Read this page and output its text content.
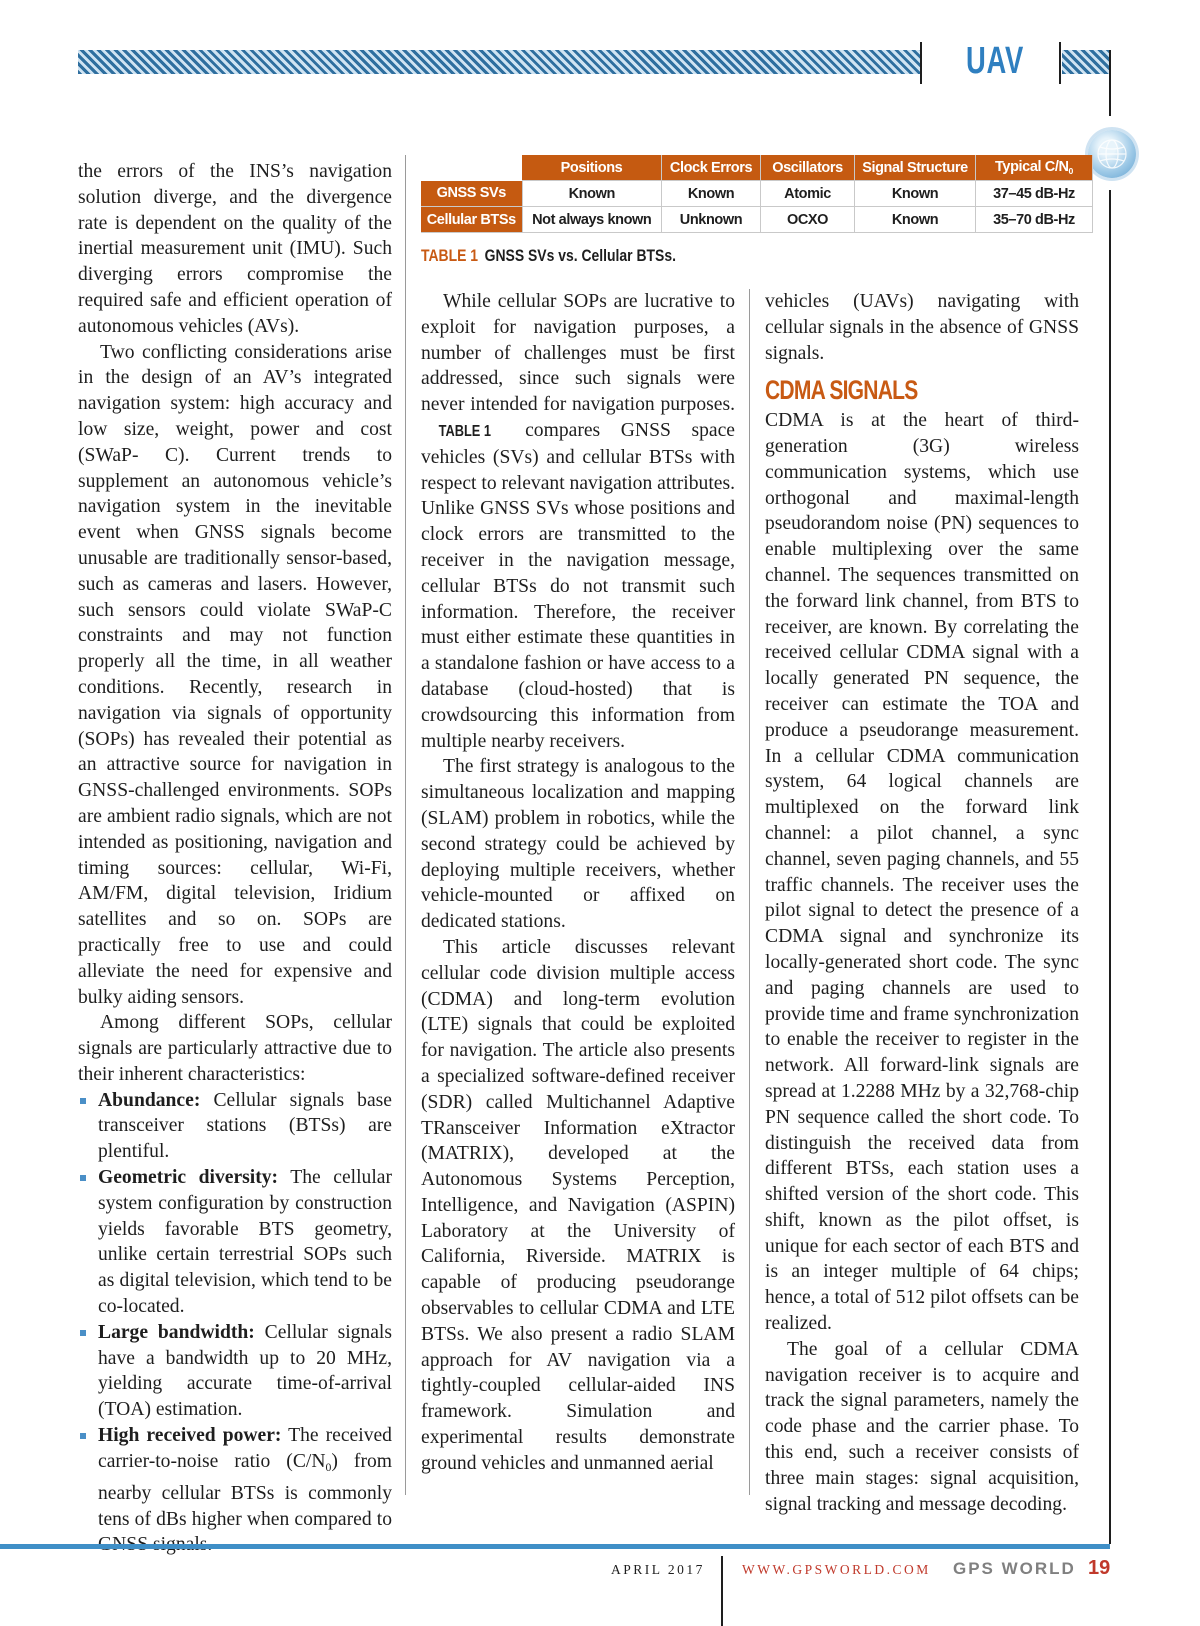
UAV
	Positions	Clock Errors	Oscillators	Signal Structure	Typical $C/N_0$
GNSS SVs	Known	Known	Atomic	Known	37–45 dB-Hz
Cellular BTSs	Not always known	Unknown	OCXO	Known	35–70 dB-Hz
TABLE 1 GNSS SVs vs. Cellular BTSs.

the errors of the INS’s navigation solution diverge, and the divergence rate is dependent on the quality of the inertial measurement unit (IMU). Such diverging errors compromise the required safe and efficient operation of autonomous vehicles (AVs).

Two conflicting considerations arise in the design of an AV’s integrated navigation system: high accuracy and low size, weight, power and cost (SWaP- C). Current trends to supplement an autonomous vehicle’s navigation system in the inevitable event when GNSS signals become unusable are traditionally sensor-based, such as cameras and lasers. However, such sensors could violate SWaP-C constraints and may not function properly all the time, in all weather conditions. Recently, research in navigation via signals of opportunity (SOPs) has revealed their potential as an attractive source for navigation in GNSS-challenged environments. SOPs are ambient radio signals, which are not intended as positioning, navigation and timing sources: cellular, Wi-Fi, AM/FM, digital television, Iridium satellites and so on. SOPs are practically free to use and could alleviate the need for expensive and bulky aiding sensors.

Among different SOPs, cellular signals are particularly attractive due to their inherent characteristics:

Abundance: Cellular signals base transceiver stations (BTSs) are plentiful.
Geometric diversity: The cellular system configuration by construction yields favorable BTS geometry, unlike certain terrestrial SOPs such as digital television, which tend to be co-located.
Large bandwidth: Cellular signals have a bandwidth up to 20 MHz, yielding accurate time-of-arrival (TOA) estimation.
High received power: The received carrier-to-noise ratio $(C/N_0)$ from nearby cellular BTSs is commonly tens of dBs higher when compared to

While cellular SOPs are lucrative to exploit for navigation purposes, a number of challenges must be first addressed, since such signals were never intended for navigation purposes. TABLE 1 compares GNSS space vehicles (SVs) and cellular BTSs with respect to relevant navigation attributes. Unlike GNSS SVs whose positions and clock errors are transmitted to the receiver in the navigation message, cellular BTSs do not transmit such information. Therefore, the receiver must either estimate these quantities in a standalone fashion or have access to a database (cloud-hosted) that is crowdsourcing this information from multiple nearby receivers.

The first strategy is analogous to the simultaneous localization and mapping (SLAM) problem in robotics, while the second strategy could be achieved by deploying multiple receivers, whether vehicle-mounted or affixed on dedicated stations.

This article discusses relevant cellular code division multiple access (CDMA) and long-term evolution (LTE) signals that could be exploited for navigation. The article also presents a specialized software-defined receiver (SDR) called Multichannel Adaptive TRansceiver Information eXtractor (MATRIX), developed at the Autonomous Systems Perception, Intelligence, and Navigation (ASPIN) Laboratory at the University of California, Riverside. MATRIX is capable of producing pseudorange observables to cellular CDMA and LTE BTSs. We also present a radio SLAM approach for AV navigation via a tightly-coupled cellular-aided INS framework. Simulation and experimental results demonstrate ground vehicles and unmanned aerial

vehicles (UAVs) navigating with cellular signals in the absence of GNSS signals.

CDMA SIGNALS

CDMA is at the heart of third-generation (3G) wireless communication systems, which use orthogonal and maximal-length pseudorandom noise (PN) sequences to enable multiplexing over the same channel. The sequences transmitted on the forward link channel, from BTS to receiver, are known. By correlating the received cellular CDMA signal with a locally generated PN sequence, the receiver can estimate the TOA and produce a pseudorange measurement. In a cellular CDMA communication system, 64 logical channels are multiplexed on the forward link channel: a pilot channel, a sync channel, seven paging channels, and 55 traffic channels. The receiver uses the pilot signal to detect the presence of a CDMA signal and synchronize its locally-generated short code. The sync and paging channels are used to provide time and frame synchronization to enable the receiver to register in the network. All forward-link signals are spread at 1.2288 MHz by a 32,768-chip PN sequence called the short code. To distinguish the received data from different BTSs, each station uses a shifted version of the short code. This shift, known as the pilot offset, is unique for each sector of each BTS and is an integer multiple of 64 chips; hence, a total of 512 pilot offsets can be realized.

The goal of a cellular CDMA navigation receiver is to acquire and track the signal parameters, namely the code phase and the carrier phase. To this end, such a receiver consists of three main stages: signal acquisition, signal tracking and message decoding.

APRIL 2017	WWW.GPSWORLD.COM GPS WORLD 19
